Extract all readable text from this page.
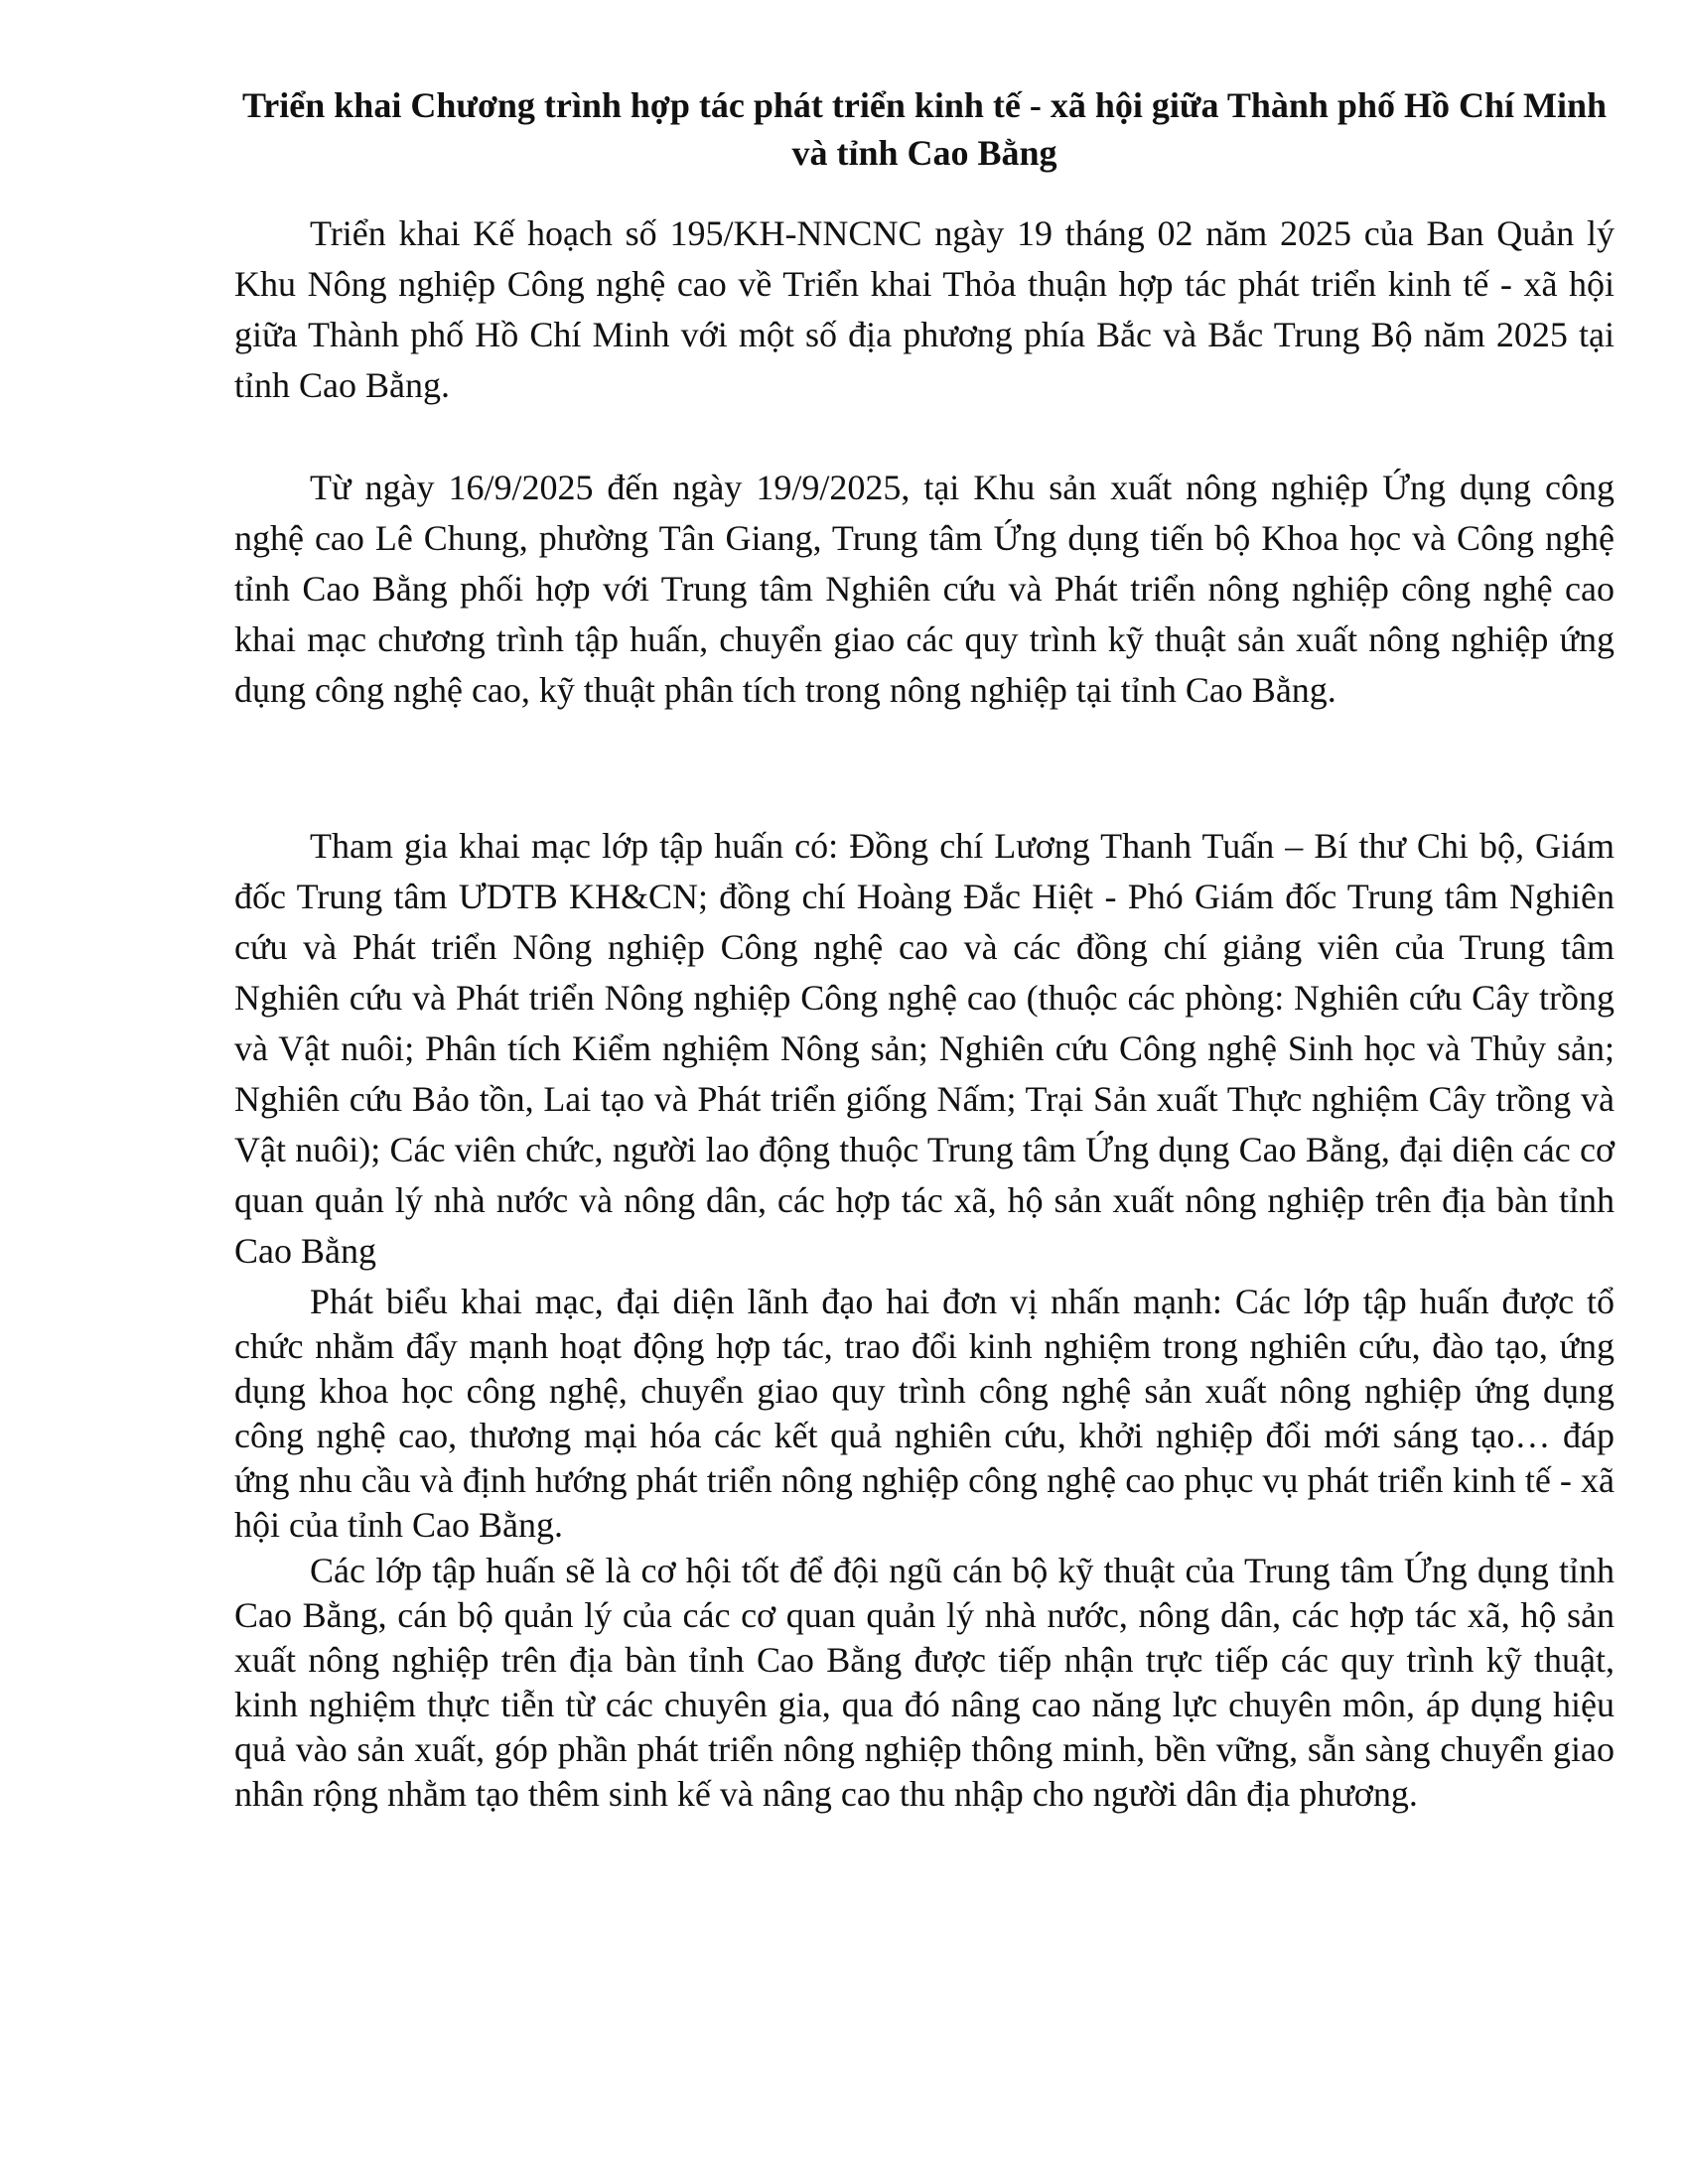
Triển khai Chương trình hợp tác phát triển kinh tế - xã hội giữa Thành phố Hồ Chí Minh và tỉnh Cao Bằng

Triển khai Kế hoạch số 195/KH-NNCNC ngày 19 tháng 02 năm 2025 của Ban Quản lý Khu Nông nghiệp Công nghệ cao về Triển khai Thỏa thuận hợp tác phát triển kinh tế - xã hội giữa Thành phố Hồ Chí Minh với một số địa phương phía Bắc và Bắc Trung Bộ năm 2025 tại tỉnh Cao Bằng.

Từ ngày 16/9/2025 đến ngày 19/9/2025, tại Khu sản xuất nông nghiệp Ứng dụng công nghệ cao Lê Chung, phường Tân Giang, Trung tâm Ứng dụng tiến bộ Khoa học và Công nghệ tỉnh Cao Bằng phối hợp với Trung tâm Nghiên cứu và Phát triển nông nghiệp công nghệ cao khai mạc chương trình tập huấn, chuyển giao các quy trình kỹ thuật sản xuất nông nghiệp ứng dụng công nghệ cao, kỹ thuật phân tích trong nông nghiệp tại tỉnh Cao Bằng.

Tham gia khai mạc lớp tập huấn có: Đồng chí Lương Thanh Tuấn – Bí thư Chi bộ, Giám đốc Trung tâm ƯDTB KH&CN; đồng chí Hoàng Đắc Hiệt - Phó Giám đốc Trung tâm Nghiên cứu và Phát triển Nông nghiệp Công nghệ cao và các đồng chí giảng viên của Trung tâm Nghiên cứu và Phát triển Nông nghiệp Công nghệ cao (thuộc các phòng: Nghiên cứu Cây trồng và Vật nuôi; Phân tích Kiểm nghiệm Nông sản; Nghiên cứu Công nghệ Sinh học và Thủy sản; Nghiên cứu Bảo tồn, Lai tạo và Phát triển giống Nấm; Trại Sản xuất Thực nghiệm Cây trồng và Vật nuôi); Các viên chức, người lao động thuộc Trung tâm Ứng dụng Cao Bằng, đại diện các cơ quan quản lý nhà nước và nông dân, các hợp tác xã, hộ sản xuất nông nghiệp trên địa bàn tỉnh Cao Bằng

Phát biểu khai mạc, đại diện lãnh đạo hai đơn vị nhấn mạnh: Các lớp tập huấn được tổ chức nhằm đẩy mạnh hoạt động hợp tác, trao đổi kinh nghiệm trong nghiên cứu, đào tạo, ứng dụng khoa học công nghệ, chuyển giao quy trình công nghệ sản xuất nông nghiệp ứng dụng công nghệ cao, thương mại hóa các kết quả nghiên cứu, khởi nghiệp đổi mới sáng tạo… đáp ứng nhu cầu và định hướng phát triển nông nghiệp công nghệ cao phục vụ phát triển kinh tế - xã hội của tỉnh Cao Bằng.

Các lớp tập huấn sẽ là cơ hội tốt để đội ngũ cán bộ kỹ thuật của Trung tâm Ứng dụng tỉnh Cao Bằng, cán bộ quản lý của các cơ quan quản lý nhà nước, nông dân, các hợp tác xã, hộ sản xuất nông nghiệp trên địa bàn tỉnh Cao Bằng được tiếp nhận trực tiếp các quy trình kỹ thuật, kinh nghiệm thực tiễn từ các chuyên gia, qua đó nâng cao năng lực chuyên môn, áp dụng hiệu quả vào sản xuất, góp phần phát triển nông nghiệp thông minh, bền vững, sẵn sàng chuyển giao nhân rộng nhằm tạo thêm sinh kế và nâng cao thu nhập cho người dân địa phương.
